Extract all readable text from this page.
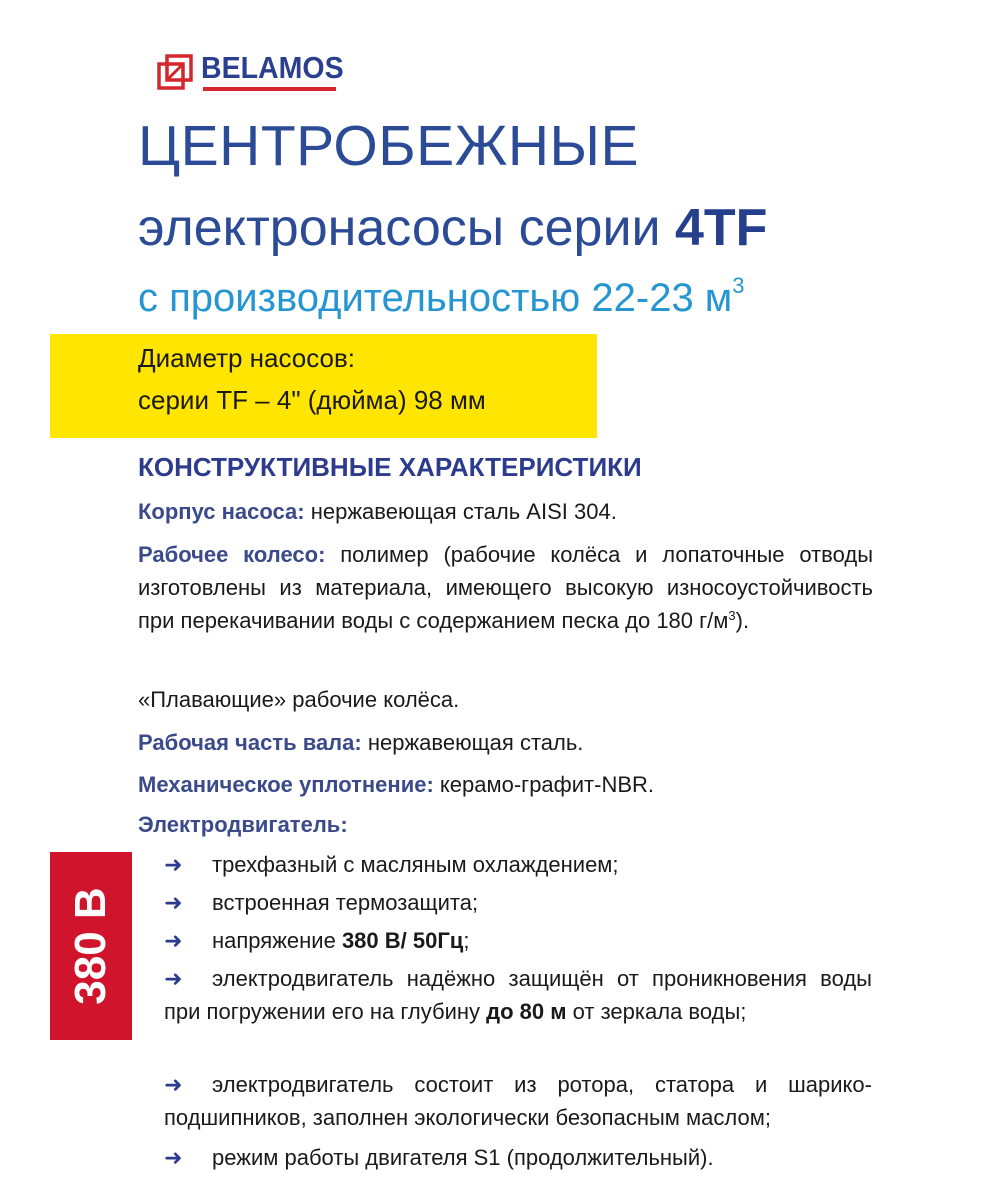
BELAMOS
ЦЕНТРОБЕЖНЫЕ
электронасосы серии 4TF
с производительностью 22-23 $м^3$
Диаметр насосов:
серии TF – 4" (дюйма) 98 мм
КОНСТРУКТИВНЫЕ ХАРАКТЕРИСТИКИ
Корпус насоса: нержавеющая сталь AISI 304.
Рабочее колесо: полимер (рабочие колёса и лопаточные отводы изготовлены из материала, имеющего высокую износоустойчивость при перекачивании воды с содержанием песка до 180 $г/м^3$).
«Плавающие» рабочие колёса.
Рабочая часть вала: нержавеющая сталь.
Механическое уплотнение: керамо-графит-NBR.
Электродвигатель:
➜ трехфазный с масляным охлаждением;
➜ встроенная термозащита;
➜ напряжение 380 В/ 50Гц;
➜ электродвигатель надёжно защищён от проникновения воды при погружении его на глубину до 80 м от зеркала воды;
➜ электродвигатель состоит из ротора, статора и шарикоподшипников, заполнен экологически безопасным маслом;
➜ режим работы двигателя S1 (продолжительный).
380 В
